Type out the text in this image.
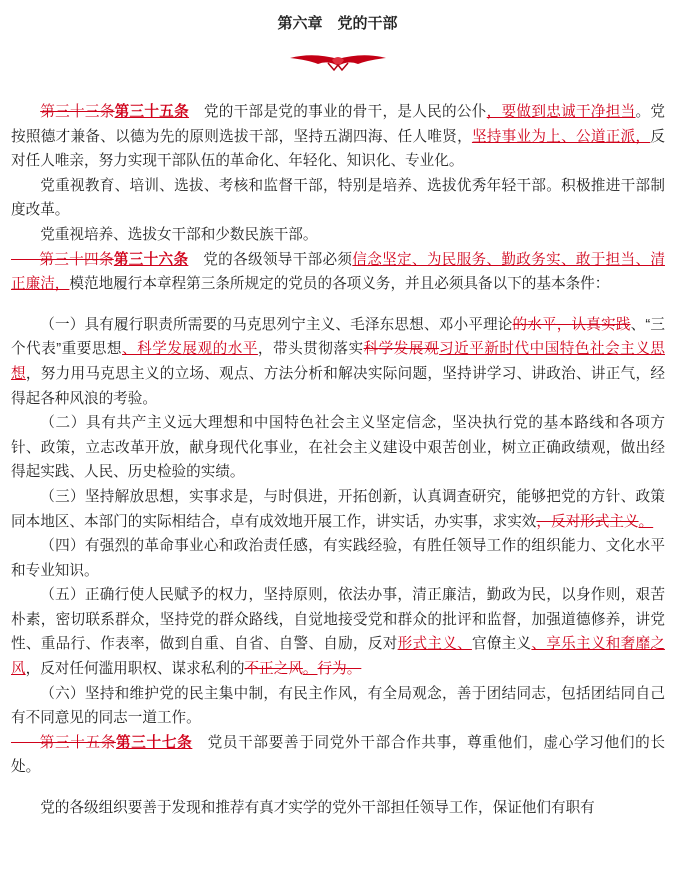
第六章　党的干部

第三十三条第三十五条　党的干部是党的事业的骨干，是人民的公仆，要做到忠诚干净担当。党按照德才兼备、以德为先的原则选拔干部，坚持五湖四海、任人唯贤，坚持事业为上、公道正派，反对任人唯亲，努力实现干部队伍的革命化、年轻化、知识化、专业化。

党重视教育、培训、选拔、考核和监督干部，特别是培养、选拔优秀年轻干部。积极推进干部制度改革。

党重视培养、选拔女干部和少数民族干部。

第三十四条第三十六条　党的各级领导干部必须信念坚定、为民服务、勤政务实、敢于担当、清正廉洁，模范地履行本章程第三条所规定的党员的各项义务，并且必须具备以下的基本条件：

（一）具有履行职责所需要的马克思列宁主义、毛泽东思想、邓小平理论的水平，认真实践、“三个代表”重要思想、科学发展观的水平，带头贯彻落实科学发展观习近平新时代中国特色社会主义思想，努力用马克思主义的立场、观点、方法分析和解决实际问题，坚持讲学习、讲政治、讲正气，经得起各种风浪的考验。

（二）具有共产主义远大理想和中国特色社会主义坚定信念，坚决执行党的基本路线和各项方针、政策，立志改革开放，献身现代化事业，在社会主义建设中艰苦创业，树立正确政绩观，做出经得起实践、人民、历史检验的实绩。

（三）坚持解放思想，实事求是，与时俱进，开拓创新，认真调查研究，能够把党的方针、政策同本地区、本部门的实际相结合，卓有成效地开展工作，讲实话，办实事，求实效，反对形式主义。

（四）有强烈的革命事业心和政治责任感，有实践经验，有胜任领导工作的组织能力、文化水平和专业知识。

（五）正确行使人民赋予的权力，坚持原则，依法办事，清正廉洁，勤政为民，以身作则，艰苦朴素，密切联系群众，坚持党的群众路线，自觉地接受党和群众的批评和监督，加强道德修养，讲党性、重品行、作表率，做到自重、自省、自警、自励，反对形式主义、官僚主义、享乐主义和奢靡之风，反对任何滥用职权、谋求私利的不正之风。行为。

（六）坚持和维护党的民主集中制，有民主作风，有全局观念，善于团结同志，包括团结同自己有不同意见的同志一道工作。

第三十五条第三十七条　党员干部要善于同党外干部合作共事，尊重他们，虚心学习他们的长处。

党的各级组织要善于发现和推荐有真才实学的党外干部担任领导工作，保证他们有职有
